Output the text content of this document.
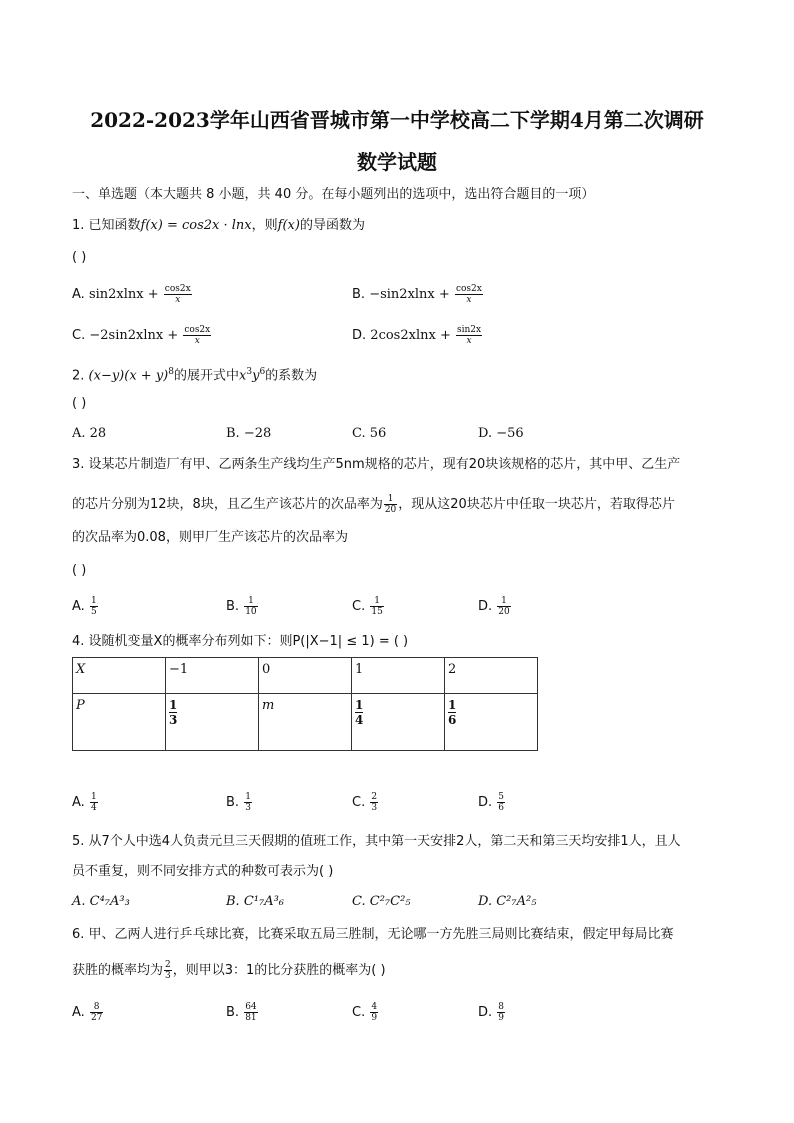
2022-2023学年山西省晋城市第一中学校高二下学期4月第二次调研
数学试题
一、单选题（本大题共 8 小题，共 40 分。在每小题列出的选项中，选出符合题目的一项）
1. 已知函数f(x) = cos2x · lnx，则f(x)的导函数为
( )
A. $\sin 2xlnx + \frac{\cos 2x}{x}$	B. $-\sin 2xlnx + \frac{\cos 2x}{x}$
C. $-2\sin 2xlnx + \frac{\cos 2x}{x}$	D. $2\cos 2xlnx + \frac{\sin 2x}{x}$
2. $(x-y)(x + y)^8$的展开式中$x^3y^6$的系数为
( )
A. 28	B. −28	C. 56	D. −56
3. 设某芯片制造厂有甲、乙两条生产线均生产5nm规格的芯片，现有20块该规格的芯片，其中甲、乙生产
的芯片分别为12块，8块，且乙生产该芯片的次品率为 $\frac{1}{20}$ ，现从这20块芯片中任取一块芯片，若取得芯片
的次品率为0.08，则甲厂生产该芯片的次品率为
( )
A. $\frac{1}{5}$	B. $\frac{1}{10}$	C. $\frac{1}{15}$	D. $\frac{1}{20}$
4. 设随机变量X的概率分布列如下：则P(|X−1| ≤ 1) = ( )
X	−1	0	1	2
P	$\frac{1}{3}$	m	$\frac{1}{4}$	$\frac{1}{6}$
A. $\frac{1}{4}$	B. $\frac{1}{3}$	C. $\frac{2}{3}$	D. $\frac{5}{6}$
5. 从7个人中选4人负责元旦三天假期的值班工作，其中第一天安排2人，第二天和第三天均安排1人，且人
员不重复，则不同安排方式的种数可表示为( )
A. C⁴₇A³₃	B. C¹₇A³₆	C. C²₇C²₅	D. C²₇A²₅
6. 甲、乙两人进行乒乓球比赛，比赛采取五局三胜制，无论哪一方先胜三局则比赛结束，假定甲每局比赛
获胜的概率均为 $\frac{2}{3}$ ，则甲以3：1的比分获胜的概率为( )
A. $\frac{8}{27}$	B. $\frac{64}{81}$	C. $\frac{4}{9}$	D. $\frac{8}{9}$
